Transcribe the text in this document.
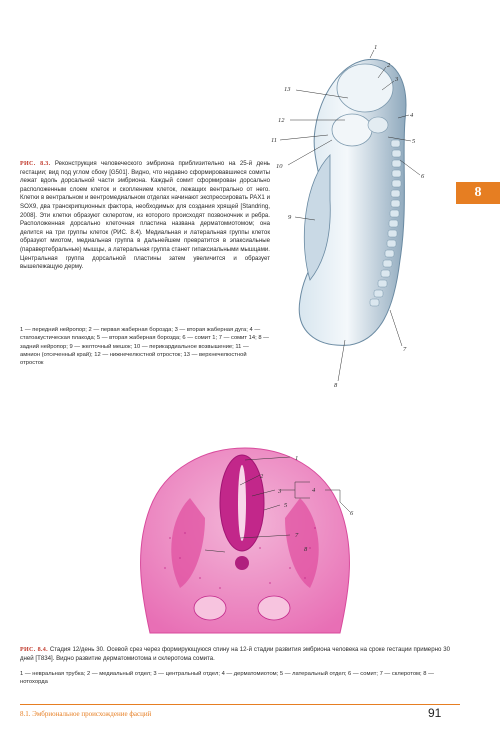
1
2
3
4
5
6
7
8
9
10
11
12
13
8
РИС. 8.3. Реконструкция человеческого эмбриона приблизительно на 25-й день гестации; вид под углом сбоку [G501]. Видно, что недавно сформировавшиеся сомиты лежат вдоль дорсальной части эмбриона. Каждый сомит сформирован дорсально расположенным слоем клеток и скоплением клеток, лежащих вентрально от него. Клетки в вентральном и вентромедиальном отделах начинают экспрессировать PAX1 и SOX9, два транскрипционных фактора, необходимых для создания хрящей [Standring, 2008]. Эти клетки образуют склеротом, из которого происходят позвоночник и ребра. Расположенная дорсально клеточная пластина названа дерматомиотомом; она делится на три группы клеток (РИС. 8.4). Медиальная и латеральная группы клеток образуют миотом, медиальная группа в дальнейшем превратится в эпаксиальные (паравертебральные) мышцы, а латеральная группа станет гипаксиальными мышцами. Центральная группа дорсальной пластины затем увеличится и образует вышележащую дерму.
1 — передний нейропор; 2 — первая жаберная борозда; 3 — вторая жаберная дуга; 4 — статоакустическая плакода; 5 — вторая жаберная борозда; 6 — сомит 1; 7 — сомит 14; 8 — задний нейропор; 9 — желточный мешок; 10 — перикардиальное возвышение; 11 — амнион (отсеченный край); 12 — нижнечелюстной отросток; 13 — верхнечелюстной отросток
1
2
3	4
5
6
7
8
РИС. 8.4. Стадия 12/день 30. Осевой срез через формирующуюся спину на 12-й стадии развития эмбриона человека на сроке гестации примерно 30 дней [T834]. Видно развитие дерматомиотома и склеротома сомита.
1 — невральная трубка; 2 — медиальный отдел; 3 — центральный отдел; 4 — дерматомиотом; 5 — латеральный отдел; 6 — сомит; 7 — склеротом; 8 — нотохорда
8.1. Эмбриональное происхождение фасций	91
